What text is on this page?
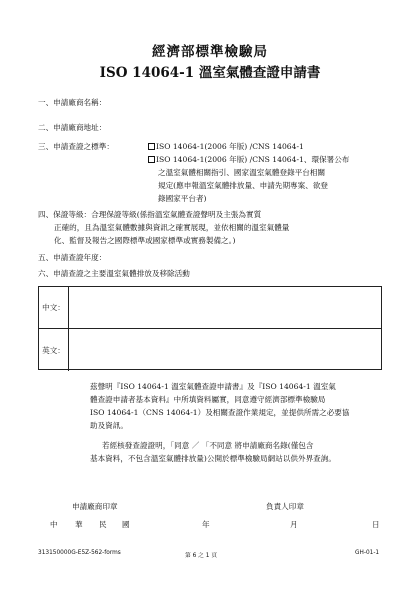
經濟部標準檢驗局
ISO 14064-1 溫室氣體查證申請書
一、申請廠商名稱：
二、申請廠商地址：
三、申請查證之標準：	ISO 14064-1(2006 年版) /CNS 14064-1
ISO 14064-1(2006 年版) /CNS 14064-1、環保署公布
之溫室氣體相關指引、國家溫室氣體登錄平台相關
規定(應申報溫室氣體排放量、申請先期專案、欲登
錄國家平台者)
四、保證等級：合理保證等級(係指溫室氣體查證聲明及主張為實質
正確的，且為溫室氣體數據與資訊之確實展現，並依相關的溫室氣體量
化、監督及報告之國際標準或國家標準或實務製備之。)
五、申請查證年度：
六、申請查證之主要溫室氣體排放及移除活動
中文：
英文：
茲聲明『ISO 14064-1 溫室氣體查證申請書』及『ISO 14064-1 溫室氣
體查證申請者基本資料』中所填資料屬實，同意遵守經濟部標準檢驗局
ISO 14064-1（CNS 14064-1）及相關查證作業規定，並提供所需之必要協
助及資訊。
若經核發查證證明，「同意 ／ 「不同意 將申請廠商名錄(僅包含
基本資料，不包含溫室氣體排放量)公開於標準檢驗局網站以供外界查詢。
申請廠商印章	負責人印章
中 華 民 國	年	月	日
313150000G-E5Z-562-forms	第 6 之 1 頁	GH-01-1
